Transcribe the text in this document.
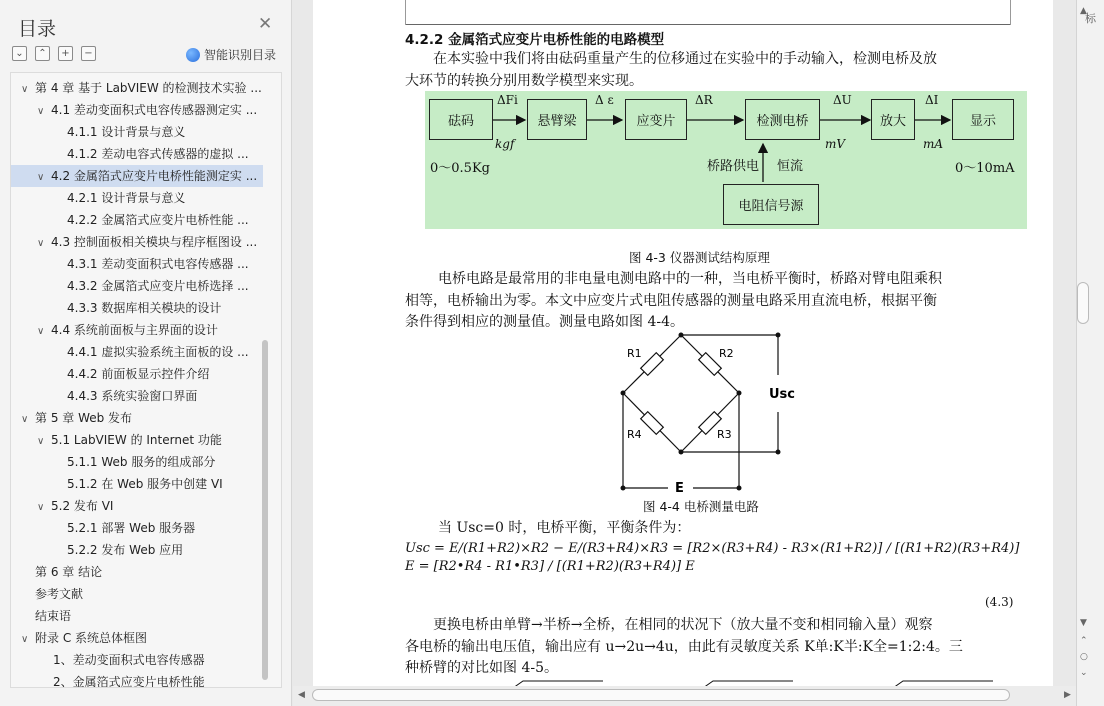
目录	✕
⌄	⌃	+	−	智能识别目录
∨ 第 4 章 基于 LabVIEW 的检测技术实验 ...
∨ 4.1 差动变面积式电容传感器测定实 ...
4.1.1 设计背景与意义
4.1.2 差动电容式传感器的虚拟 ...
∨ 4.2 金属箔式应变片电桥性能测定实 ...
4.2.1 设计背景与意义
4.2.2 金属箔式应变片电桥性能 ...
∨ 4.3 控制面板相关模块与程序框图设 ...
4.3.1 差动变面积式电容传感器 ...
4.3.2 金属箔式应变片电桥选择 ...
4.3.3 数据库相关模块的设计
∨ 4.4 系统前面板与主界面的设计
4.4.1 虚拟实验系统主面板的设 ...
4.4.2 前面板显示控件介绍
4.4.3 系统实验窗口界面
∨ 第 5 章 Web 发布
∨ 5.1 LabVIEW 的 Internet 功能
5.1.1 Web 服务的组成部分
5.1.2 在 Web 服务中创建 VI
∨ 5.2 发布 VI
5.2.1 部署 Web 服务器
5.2.2 发布 Web 应用
第 6 章 结论
参考文献
结束语
∨ 附录 C 系统总体框图
1、差动变面积式电容传感器
2、金属箔式应变片电桥性能
4.2.2 金属箔式应变片电桥性能的电路模型
在本实验中我们将由砝码重量产生的位移通过在实验中的手动输入，检测电桥及放
大环节的转换分别用数学模型来实现。
砝码	悬臂梁	应变片	检测电桥	放大	显示
电阻信号源
ΔFi	Δ ε	ΔR	ΔU	ΔI
kgf	mV	mA
0～0.5Kg	0～10mA
桥路供电 恒流
图 4-3 仪器测试结构原理
电桥电路是最常用的非电量电测电路中的一种，当电桥平衡时，桥路对臂电阻乘积
相等，电桥输出为零。本文中应变片式电阻传感器的测量电路采用直流电桥，根据平衡
条件得到相应的测量值。测量电路如图 4-4。
R1	R2
R4	R3
Usc
E
图 4-4 电桥测量电路
当 Usc=0 时，电桥平衡，平衡条件为：
Usc = E/(R1+R2)×R2 − E/(R3+R4)×R3 = [R2×(R3+R4) - R3×(R1+R2)] / [(R1+R2)(R3+R4)] E = [R2•R4 - R1•R3] / [(R1+R2)(R3+R4)] E
(4.3)
更换电桥由单臂→半桥→全桥，在相同的状况下（放大量不变和相同输入量）观察
各电桥的输出电压值，输出应有 u→2u→4u，由此有灵敏度关系 K单:K半:K全=1:2:4。三
种桥臂的对比如图 4-5。
标
▲
▼
⌃
○
⌄
◀	▶
